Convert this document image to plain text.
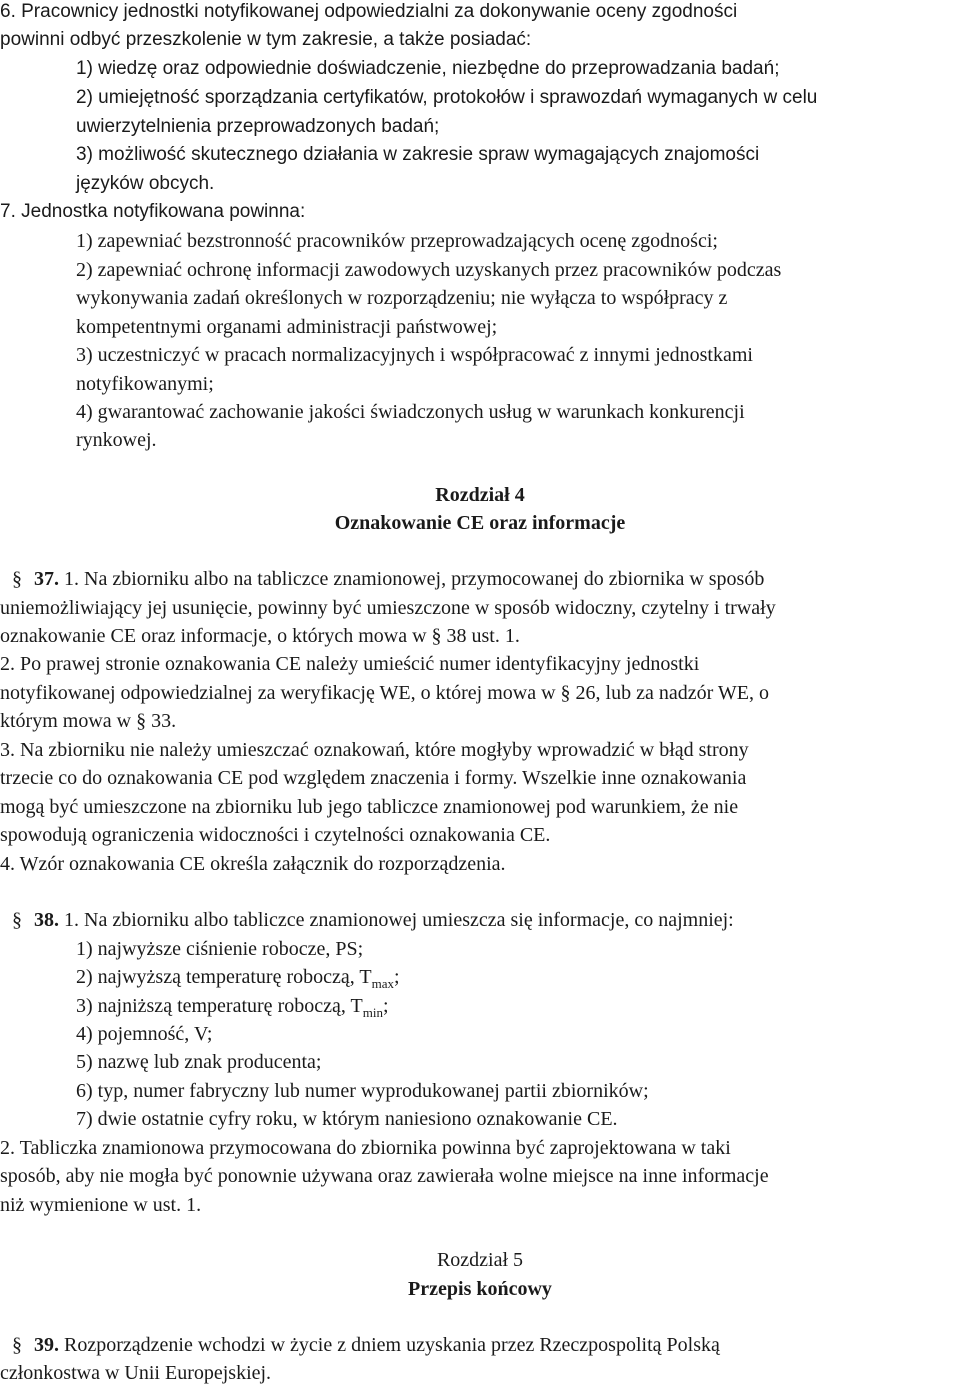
6. Pracownicy jednostki notyfikowanej odpowiedzialni za dokonywanie oceny zgodności
powinni odbyć przeszkolenie w tym zakresie, a także posiadać:
1) wiedzę oraz odpowiednie doświadczenie, niezbędne do przeprowadzania badań;
2) umiejętność sporządzania certyfikatów, protokołów i sprawozdań wymaganych w celu
uwierzytelnienia przeprowadzonych badań;
3) możliwość skutecznego działania w zakresie spraw wymagających znajomości
języków obcych.
7. Jednostka notyfikowana powinna:
1) zapewniać bezstronność pracowników przeprowadzających ocenę zgodności;
2) zapewniać ochronę informacji zawodowych uzyskanych przez pracowników podczas
wykonywania zadań określonych w rozporządzeniu; nie wyłącza to współpracy z
kompetentnymi organami administracji państwowej;
3) uczestniczyć w pracach normalizacyjnych i współpracować z innymi jednostkami
notyfikowanymi;
4) gwarantować zachowanie jakości świadczonych usług w warunkach konkurencji
rynkowej.
Rozdział 4
Oznakowanie CE oraz informacje
§ 37. 1. Na zbiorniku albo na tabliczce znamionowej, przymocowanej do zbiornika w sposób
uniemożliwiający jej usunięcie, powinny być umieszczone w sposób widoczny, czytelny i trwały
oznakowanie CE oraz informacje, o których mowa w § 38 ust. 1.
2. Po prawej stronie oznakowania CE należy umieścić numer identyfikacyjny jednostki
notyfikowanej odpowiedzialnej za weryfikację WE, o której mowa w § 26, lub za nadzór WE, o
którym mowa w § 33.
3. Na zbiorniku nie należy umieszczać oznakowań, które mogłyby wprowadzić w błąd strony
trzecie co do oznakowania CE pod względem znaczenia i formy. Wszelkie inne oznakowania
mogą być umieszczone na zbiorniku lub jego tabliczce znamionowej pod warunkiem, że nie
spowodują ograniczenia widoczności i czytelności oznakowania CE.
4. Wzór oznakowania CE określa załącznik do rozporządzenia.
§ 38. 1. Na zbiorniku albo tabliczce znamionowej umieszcza się informacje, co najmniej:
1) najwyższe ciśnienie robocze, PS;
2) najwyższą temperaturę roboczą, $T_{max}$;
3) najniższą temperaturę roboczą, $T_{min}$;
4) pojemność, V;
5) nazwę lub znak producenta;
6) typ, numer fabryczny lub numer wyprodukowanej partii zbiorników;
7) dwie ostatnie cyfry roku, w którym naniesiono oznakowanie CE.
2. Tabliczka znamionowa przymocowana do zbiornika powinna być zaprojektowana w taki
sposób, aby nie mogła być ponownie używana oraz zawierała wolne miejsce na inne informacje
niż wymienione w ust. 1.
Rozdział 5
Przepis końcowy
§ 39. Rozporządzenie wchodzi w życie z dniem uzyskania przez Rzeczpospolitą Polską
członkostwa w Unii Europejskiej.
